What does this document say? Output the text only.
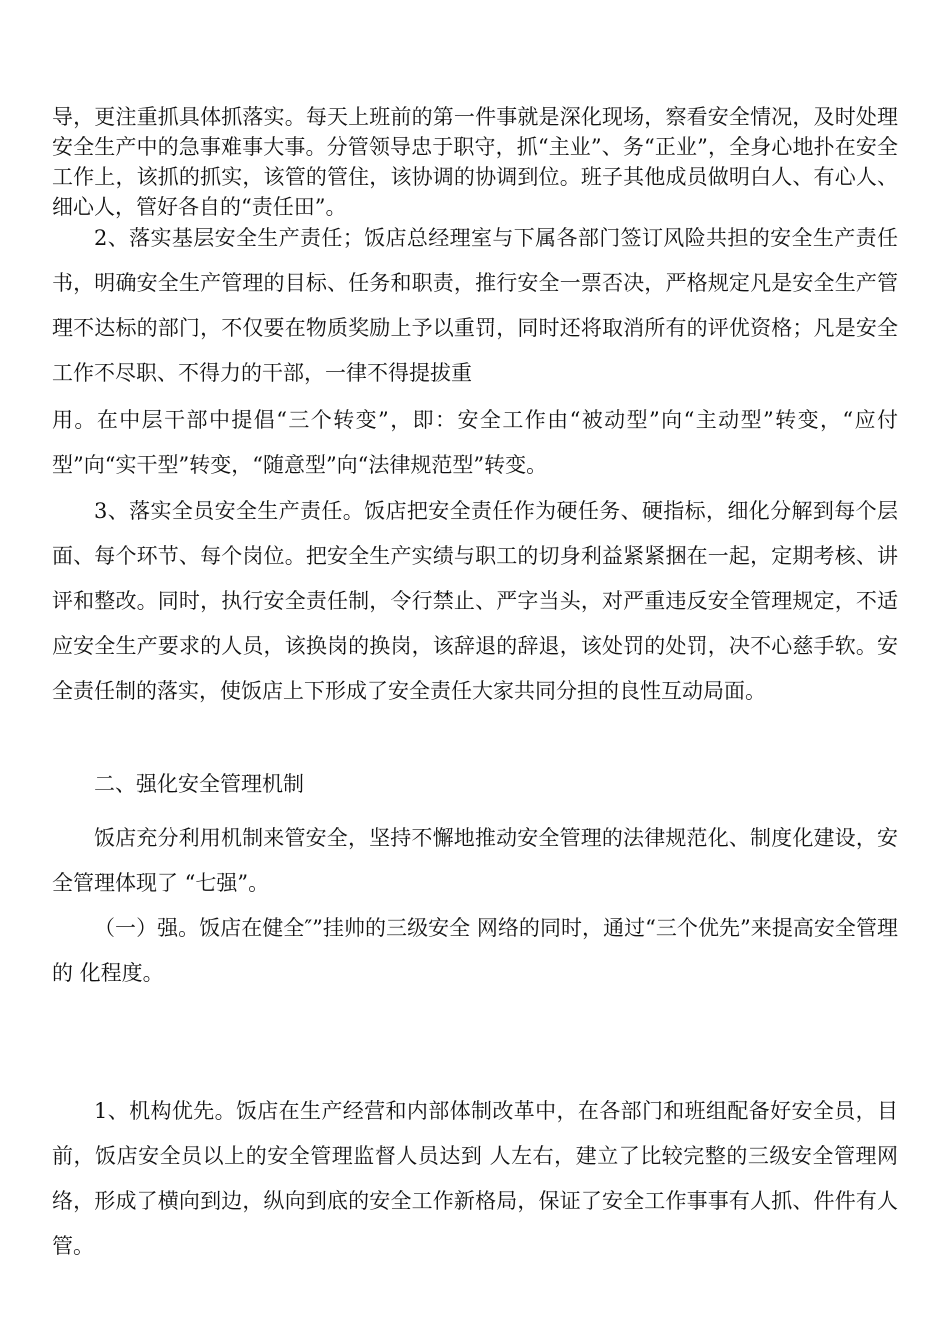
导，更注重抓具体抓落实。每天上班前的第一件事就是深化现场，察看安全情况，及时处理安全生产中的急事难事大事。分管领导忠于职守，抓“主业”、务“正业”，全身心地扑在安全工作上，该抓的抓实，该管的管住，该协调的协调到位。班子其他成员做明白人、有心人、细心人，管好各自的“责任田”。

2、落实基层安全生产责任；饭店总经理室与下属各部门签订风险共担的安全生产责任书，明确安全生产管理的目标、任务和职责，推行安全一票否决，严格规定凡是安全生产管理不达标的部门，不仅要在物质奖励上予以重罚，同时还将取消所有的评优资格；凡是安全工作不尽职、不得力的干部，一律不得提拔重

用。在中层干部中提倡“三个转变”，即：安全工作由“被动型”向“主动型”转变，“应付型”向“实干型”转变，“随意型”向“法律规范型”转变。

3、落实全员安全生产责任。饭店把安全责任作为硬任务、硬指标，细化分解到每个层面、每个环节、每个岗位。把安全生产实绩与职工的切身利益紧紧捆在一起，定期考核、讲评和整改。同时，执行安全责任制，令行禁止、严字当头，对严重违反安全管理规定，不适应安全生产要求的人员，该换岗的换岗，该辞退的辞退，该处罚的处罚，决不心慈手软。安全责任制的落实，使饭店上下形成了安全责任大家共同分担的良性互动局面。

二、强化安全管理机制

饭店充分利用机制来管安全，坚持不懈地推动安全管理的法律规范化、制度化建设，安全管理体现了 “七强”。

（一）强。饭店在健全″”挂帅的三级安全 网络的同时，通过“三个优先”来提高安全管理的 化程度。

1、机构优先。饭店在生产经营和内部体制改革中，在各部门和班组配备好安全员，目前，饭店安全员以上的安全管理监督人员达到 人左右，建立了比较完整的三级安全管理网络，形成了横向到边，纵向到底的安全工作新格局，保证了安全工作事事有人抓、件件有人管。
